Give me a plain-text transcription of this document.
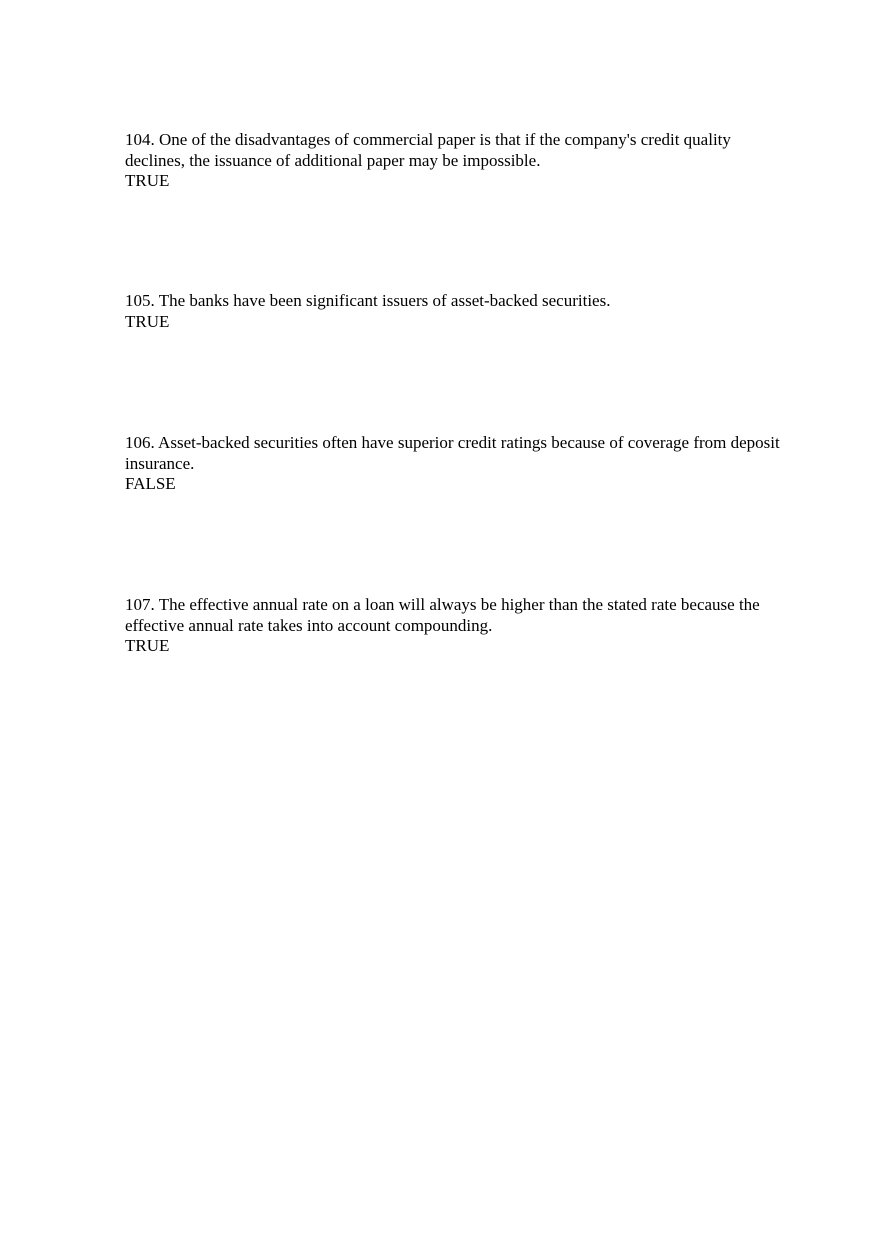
104. One of the disadvantages of commercial paper is that if the company's credit quality declines, the issuance of additional paper may be impossible.

TRUE

105. The banks have been significant issuers of asset-backed securities.

TRUE

106. Asset-backed securities often have superior credit ratings because of coverage from deposit insurance.

FALSE

107. The effective annual rate on a loan will always be higher than the stated rate because the effective annual rate takes into account compounding.

TRUE
